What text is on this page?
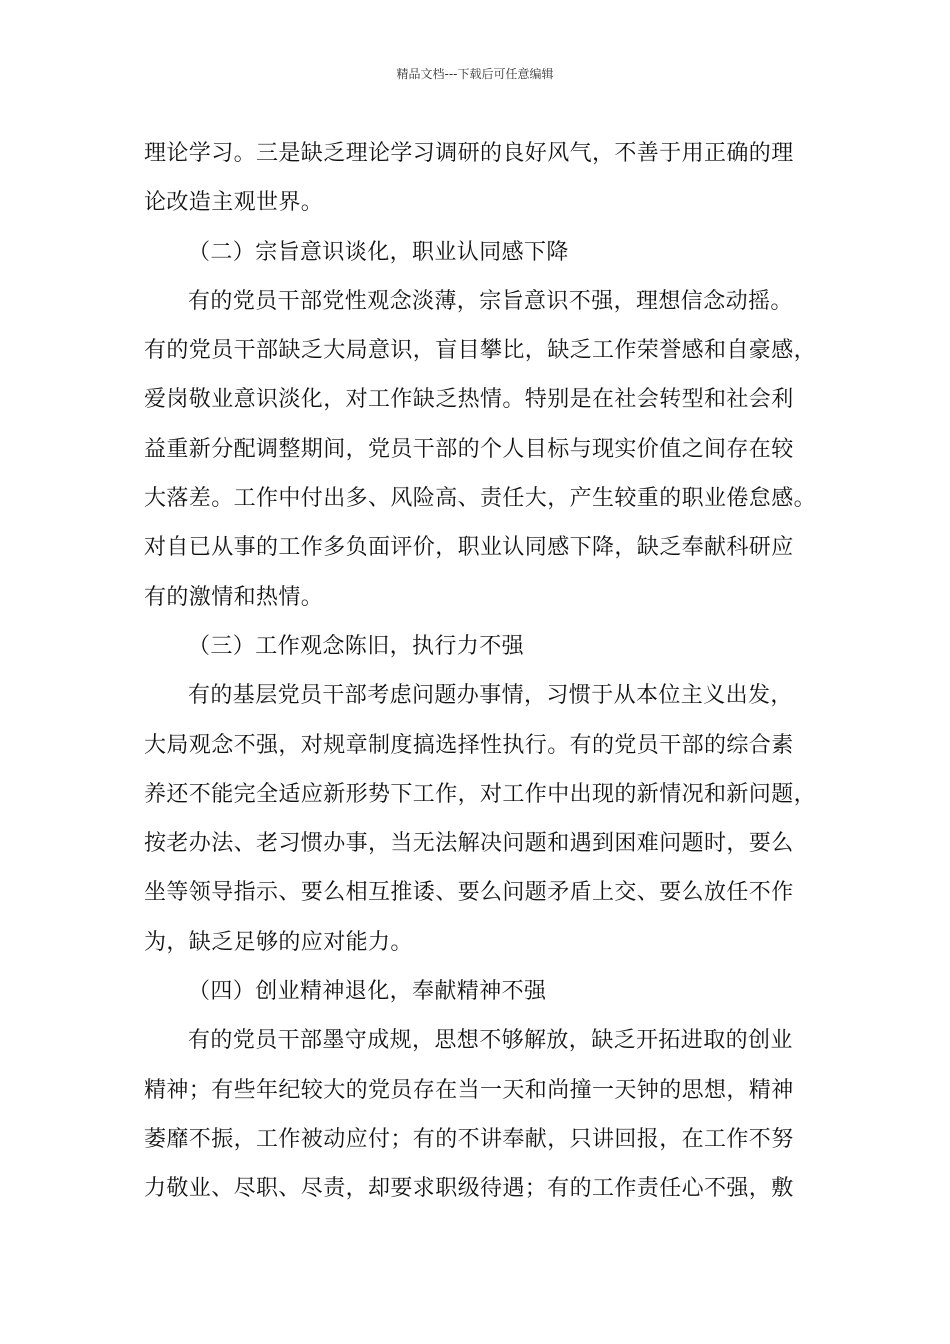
精品文档---下载后可任意编辑
理论学习。三是缺乏理论学习调研的良好风气，不善于用正确的理
论改造主观世界。
（二）宗旨意识谈化，职业认同感下降
有的党员干部党性观念淡薄，宗旨意识不强，理想信念动摇。
有的党员干部缺乏大局意识，盲目攀比，缺乏工作荣誉感和自豪感，
爱岗敬业意识淡化，对工作缺乏热情。特别是在社会转型和社会利
益重新分配调整期间，党员干部的个人目标与现实价值之间存在较
大落差。工作中付出多、风险高、责任大，产生较重的职业倦怠感。
对自已从事的工作多负面评价，职业认同感下降，缺乏奉献科研应
有的激情和热情。
（三）工作观念陈旧，执行力不强
有的基层党员干部考虑问题办事情，习惯于从本位主义出发，
大局观念不强，对规章制度搞选择性执行。有的党员干部的综合素
养还不能完全适应新形势下工作，对工作中出现的新情况和新问题，
按老办法、老习惯办事，当无法解决问题和遇到困难问题时，要么
坐等领导指示、要么相互推诿、要么问题矛盾上交、要么放任不作
为，缺乏足够的应对能力。
（四）创业精神退化，奉献精神不强
有的党员干部墨守成规，思想不够解放，缺乏开拓进取的创业
精神；有些年纪较大的党员存在当一天和尚撞一天钟的思想，精神
萎靡不振，工作被动应付；有的不讲奉献，只讲回报，在工作不努
力敬业、尽职、尽责，却要求职级待遇；有的工作责任心不强，敷
